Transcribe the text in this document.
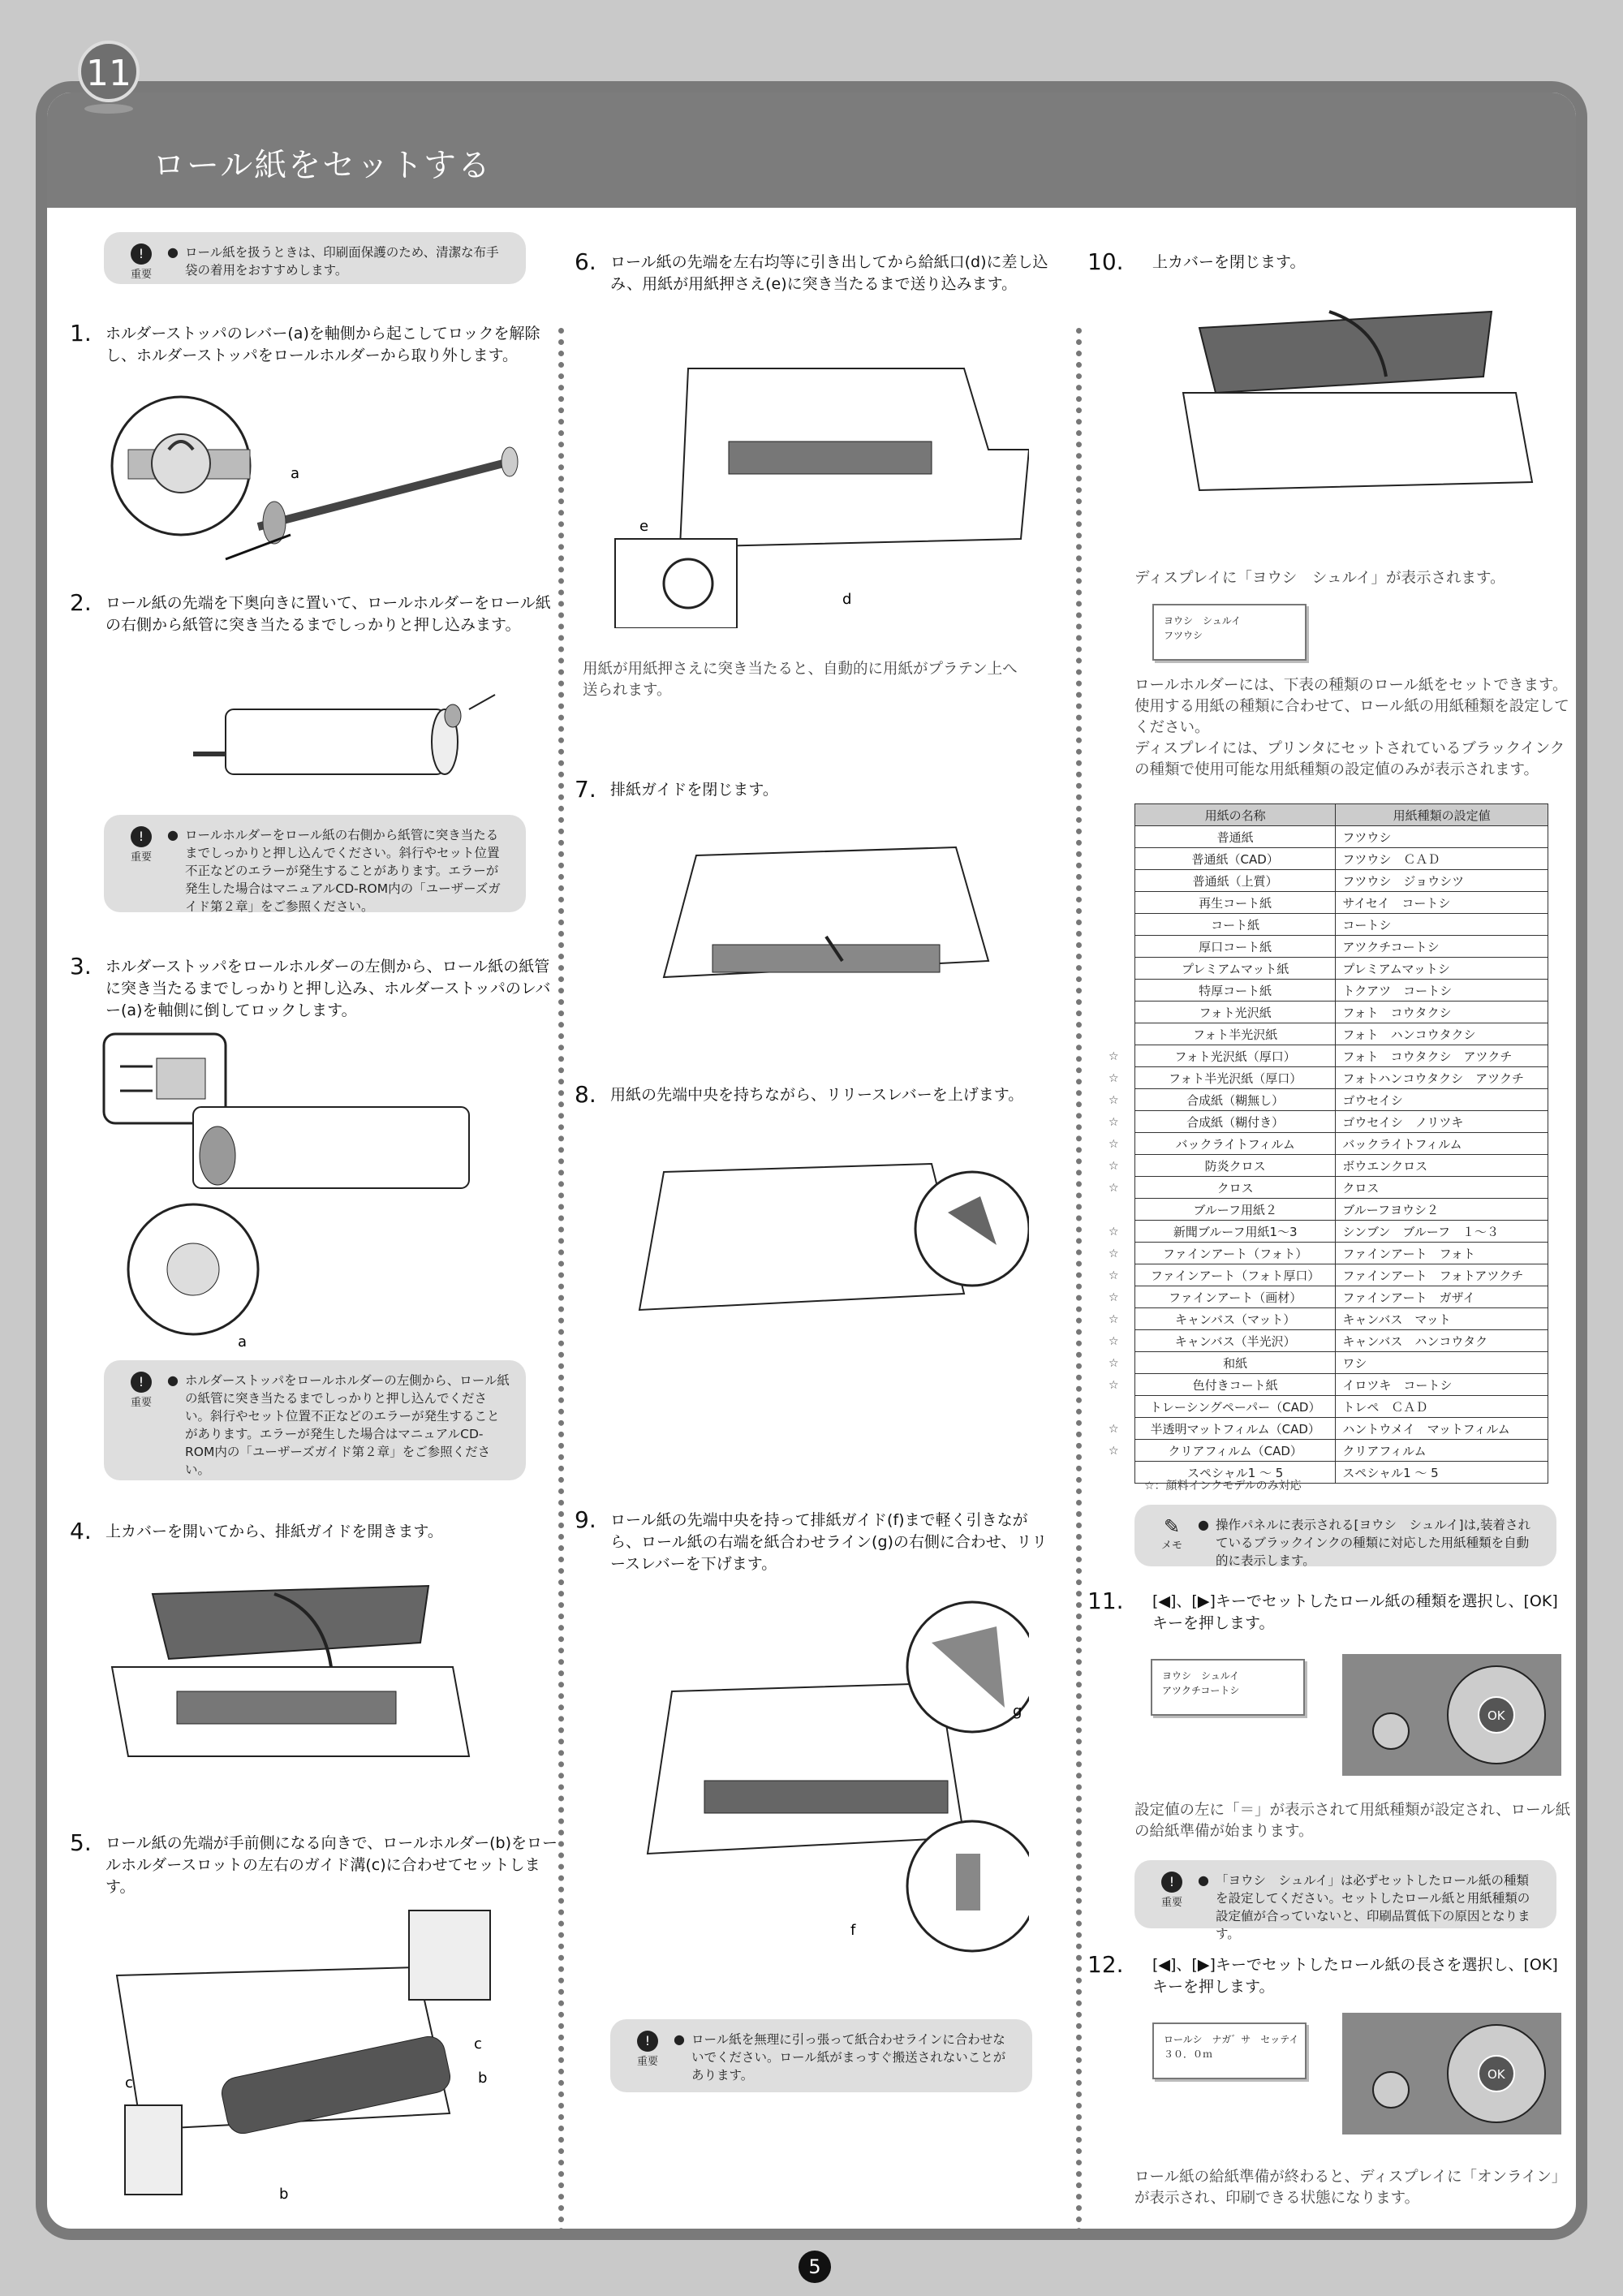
ロール紙をセットする
!
重要
● ロール紙を扱うときは、印刷面保護のため、清潔な布手袋の着用をおすすめします。
1. ホルダーストッパのレバー(a)を軸側から起こしてロックを解除し、ホルダーストッパをロールホルダーから取り外します。
a
2. ロール紙の先端を下奥向きに置いて、ロールホルダーをロール紙の右側から紙管に突き当たるまでしっかりと押し込みます。
!
重要
● ロールホルダーをロール紙の右側から紙管に突き当たるまでしっかりと押し込んでください。斜行やセット位置不正などのエラーが発生することがあります。エラーが発生した場合はマニュアルCD-ROM内の「ユーザーズガイド第２章」をご参照ください。
3. ホルダーストッパをロールホルダーの左側から、ロール紙の紙管に突き当たるまでしっかりと押し込み、ホルダーストッパのレバー(a)を軸側に倒してロックします。
a
!
重要
● ホルダーストッパをロールホルダーの左側から、ロール紙の紙管に突き当たるまでしっかりと押し込んでください。斜行やセット位置不正などのエラーが発生することがあります。エラーが発生した場合はマニュアルCD-ROM内の「ユーザーズガイド第２章」をご参照ください。
4. 上カバーを開いてから、排紙ガイドを開きます。
5. ロール紙の先端が手前側になる向きで、ロールホルダー(b)をロールホルダースロットの左右のガイド溝(c)に合わせてセットします。
c
b
c
b
6. ロール紙の先端を左右均等に引き出してから給紙口(d)に差し込み、用紙が用紙押さえ(e)に突き当たるまで送り込みます。
e
d
用紙が用紙押さえに突き当たると、自動的に用紙がプラテン上へ送られます。
7. 排紙ガイドを閉じます。
8. 用紙の先端中央を持ちながら、リリースレバーを上げます。
9. ロール紙の先端中央を持って排紙ガイド(f)まで軽く引きながら、ロール紙の右端を紙合わせライン(g)の右側に合わせ、リリースレバーを下げます。
g
f
!
重要
● ロール紙を無理に引っ張って紙合わせラインに合わせないでください。ロール紙がまっすぐ搬送されないことがあります。
10. 上カバーを閉じます。
ディスプレイに「ヨウシ　シュルイ」が表示されます。
ヨウシ　シュルイ
フツウシ
ロールホルダーには、下表の種類のロール紙をセットできます。使用する用紙の種類に合わせて、ロール紙の用紙種類を設定してください。
ディスプレイには、プリンタにセットされているブラックインクの種類で使用可能な用紙種類の設定値のみが表示されます。
☆
☆
☆
☆
☆
☆
☆
☆
☆
☆
☆
☆
☆
☆
☆
☆
☆
用紙の名称	用紙種類の設定値
普通紙	フツウシ
普通紙（CAD）	フツウシ　ＣＡＤ
普通紙（上質）	フツウシ　ジョウシツ
再生コート紙	サイセイ　コートシ
コート紙	コートシ
厚口コート紙	アツクチコートシ
プレミアムマット紙	プレミアムマットシ
特厚コート紙	トクアツ　コートシ
フォト光沢紙	フォト　コウタクシ
フォト半光沢紙	フォト　ハンコウタクシ
フォト光沢紙（厚口）	フォト　コウタクシ　アツクチ
フォト半光沢紙（厚口）	フォトハンコウタクシ　アツクチ
合成紙（糊無し）	ゴウセイシ
合成紙（糊付き）	ゴウセイシ　ノリツキ
バックライトフィルム	バックライトフィルム
防炎クロス	ボウエンクロス
クロス	クロス
ブルーフ用紙２	ブルーフヨウシ２
新聞ブルーフ用紙1〜3	シンブン　ブルーフ　１〜３
ファインアート（フォト）	ファインアート　フォト
ファインアート（フォト厚口）	ファインアート　フォトアツクチ
ファインアート（画材）	ファインアート　ガザイ
キャンバス（マット）	キャンバス　マット
キャンバス（半光沢）	キャンバス　ハンコウタク
和紙	ワシ
色付きコート紙	イロツキ　コートシ
トレーシングペーパー（CAD）	トレペ　ＣＡＤ
半透明マットフィルム（CAD）	ハントウメイ　マットフィルム
クリアフィルム（CAD）	クリアフィルム
スペシャル1 〜 5	スペシャル1 〜 5
☆：顔料インクモデルのみ対応
✎
メモ
● 操作パネルに表示される[ヨウシ　シュルイ]は,装着されているブラックインクの種類に対応した用紙種類を自動的に表示します。
11. [◀]、[▶]キーでセットしたロール紙の種類を選択し、[OK]キーを押します。
ヨウシ　シュルイ
アツクチコートシ
OK
設定値の左に「＝」が表示されて用紙種類が設定され、ロール紙の給紙準備が始まります。
!
重要
● 「ヨウシ　シュルイ」は必ずセットしたロール紙の種類を設定してください。セットしたロール紙と用紙種類の設定値が合っていないと、印刷品質低下の原因となります。
12. [◀]、[▶]キーでセットしたロール紙の長さを選択し、[OK]キーを押します。
ロールシ　ナガ゛サ　セッテイ
３０．０ｍ
OK
ロール紙の給紙準備が終わると、ディスプレイに「オンライン」が表示され、印刷できる状態になります。
11
5
